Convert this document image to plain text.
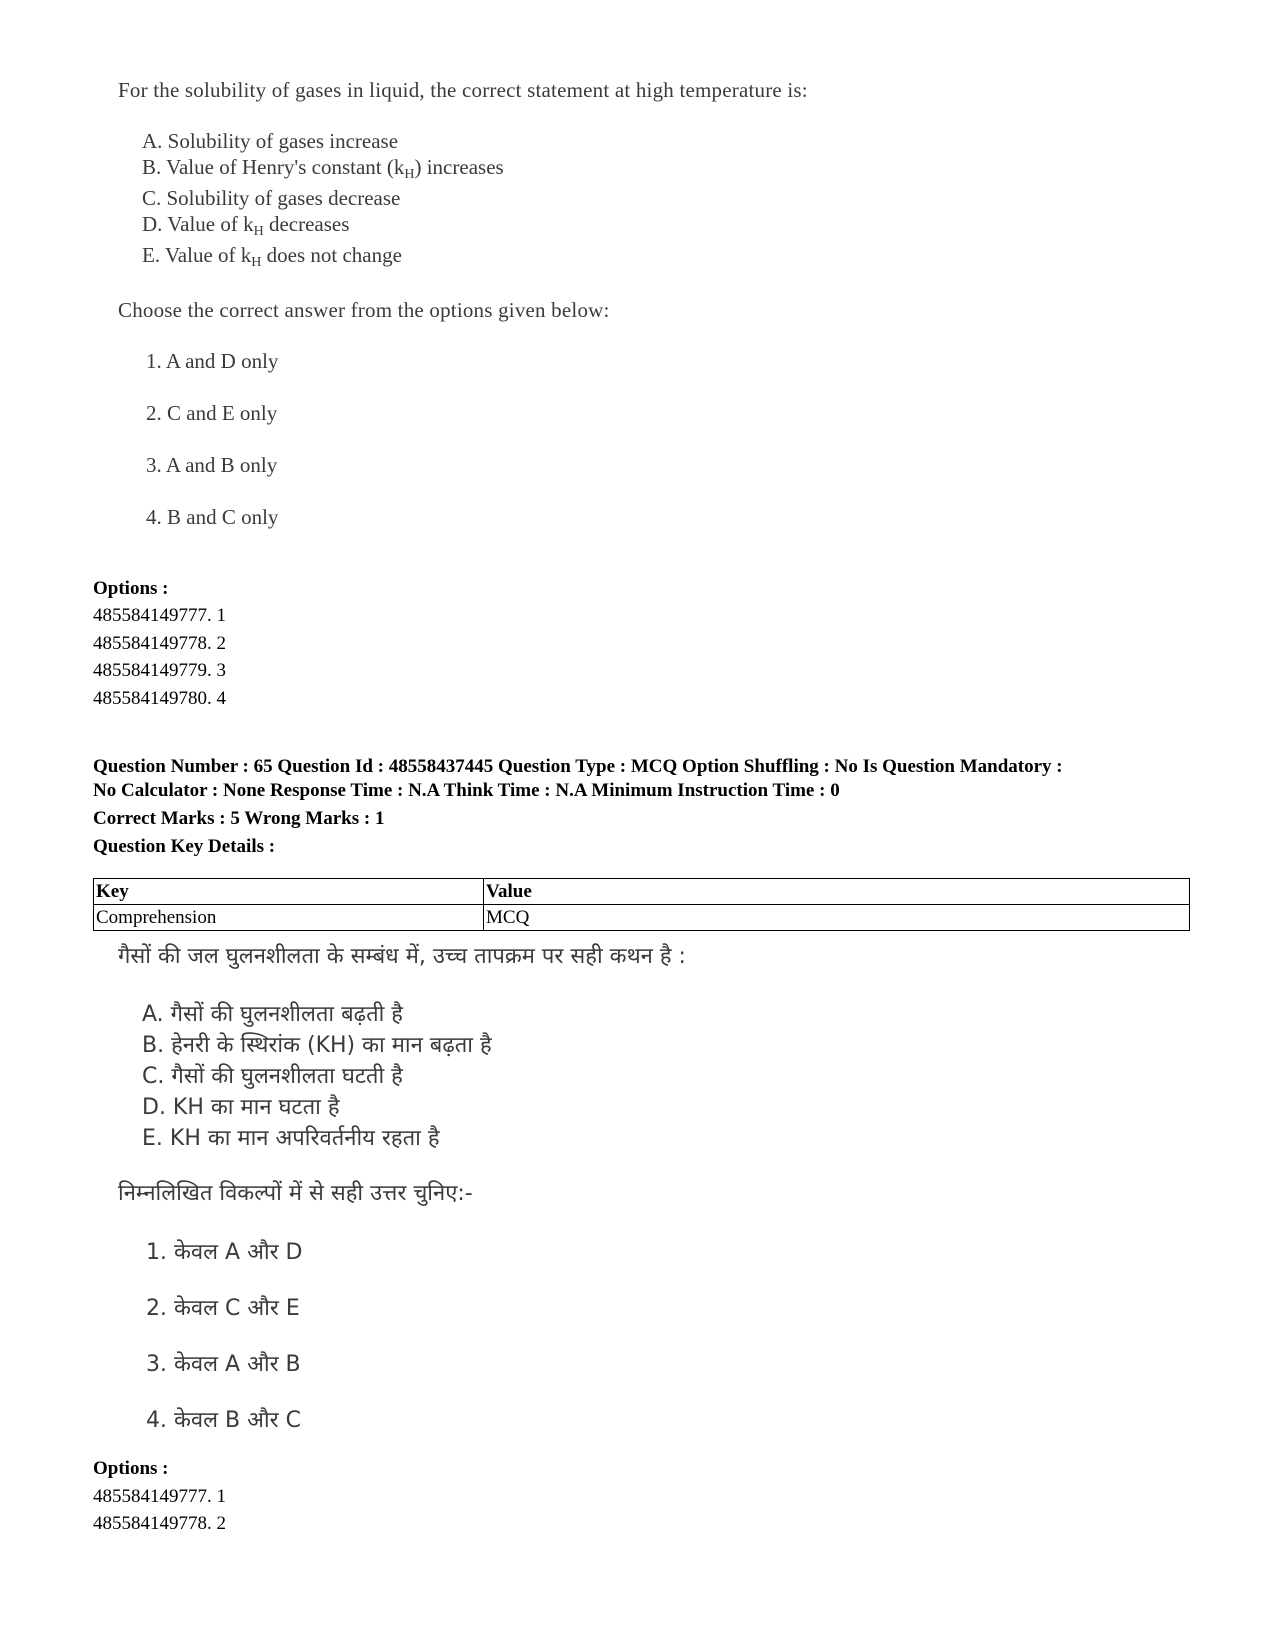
For the solubility of gases in liquid, the correct statement at high temperature is:
A. Solubility of gases increase
B. Value of Henry's constant $(k_H)$ increases
C. Solubility of gases decrease
D. Value of $k_H$ decreases
E. Value of $k_H$ does not change
Choose the correct answer from the options given below:
1. A and D only
2. C and E only
3. A and B only
4. B and C only
Options :
485584149777. 1
485584149778. 2
485584149779. 3
485584149780. 4
Question Number : 65 Question Id : 48558437445 Question Type : MCQ Option Shuffling : No Is Question Mandatory :
No Calculator : None Response Time : N.A Think Time : N.A Minimum Instruction Time : 0
Correct Marks : 5 Wrong Marks : 1
Question Key Details :
Key	Value
Comprehension	MCQ
गैसों की जल घुलनशीलता के सम्बंध में, उच्च तापक्रम पर सही कथन है :
A. गैसों की घुलनशीलता बढ़ती है
B. हेनरी के स्थिरांक (KH) का मान बढ़ता है
C. गैसों की घुलनशीलता घटती है
D. KH का मान घटता है
E. KH का मान अपरिवर्तनीय रहता है
निम्नलिखित विकल्पों में से सही उत्तर चुनिए:-
1. केवल A और D
2. केवल C और E
3. केवल A और B
4. केवल B और C
Options :
485584149777. 1
485584149778. 2
